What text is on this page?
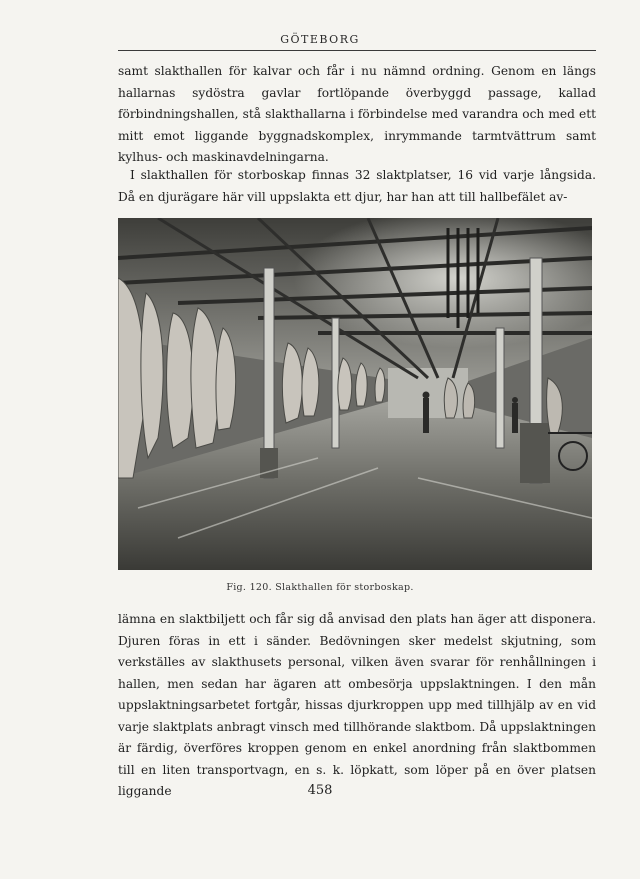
GÖTEBORG

samt slakthallen för kalvar och får i nu nämnd ordning. Genom en längs hallarnas sydöstra gavlar fortlöpande överbyggd passage, kallad förbindningshallen, stå slakthallarna i förbindelse med varandra och med ett mitt emot liggande byggnadskomplex, inrymmande tarmtvättrum samt kylhus- och maskinavdelningarna.

I slakthallen för storboskap finnas 32 slaktplatser, 16 vid varje långsida. Då en djurägare här vill uppslakta ett djur, har han att till hallbefälet av-

Fig. 120. Slakthallen för storboskap.

lämna en slaktbiljett och får sig då anvisad den plats han äger att disponera. Djuren föras in ett i sänder. Bedövningen sker medelst skjutning, som verkställes av slakthusets personal, vilken även svarar för renhållningen i hallen, men sedan har ägaren att ombesörja uppslaktningen. I den mån uppslaktningsarbetet fortgår, hissas djurkroppen upp med tillhjälp av en vid varje slaktplats anbragt vinsch med tillhörande slaktbom. Då uppslaktningen är färdig, överföres kroppen genom en enkel anordning från slaktbommen till en liten transportvagn, en s. k. löpkatt, som löper på en över platsen liggande	458
